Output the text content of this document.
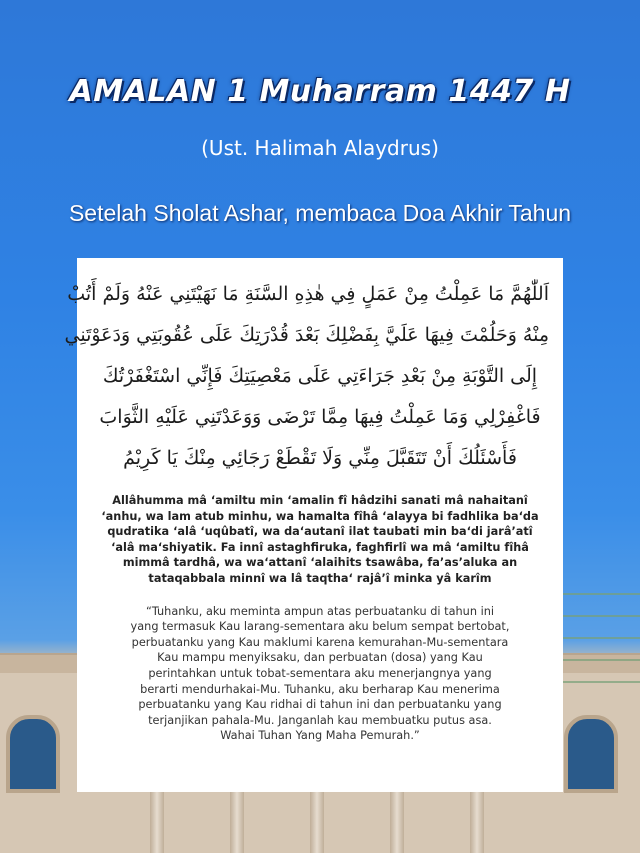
AMALAN 1 Muharram 1447 H
(Ust. Halimah Alaydrus)
Setelah Sholat Ashar, membaca Doa Akhir Tahun
اَللّٰهُمَّ مَا عَمِلْتُ مِنْ عَمَلٍ فِي هٰذِهِ السَّنَةِ مَا نَهَيْتَنِي عَنْهُ وَلَمْ أَتُبْ
مِنْهُ وَحَلُمْتَ فِيهَا عَلَيَّ بِفَضْلِكَ بَعْدَ قُدْرَتِكَ عَلَى عُقُوبَتِي وَدَعَوْتَنِي
إِلَى التَّوْبَةِ مِنْ بَعْدِ جَرَاءَتِي عَلَى مَعْصِيَتِكَ فَإِنِّي اسْتَغْفَرْتُكَ
فَاغْفِرْلِي وَمَا عَمِلْتُ فِيهَا مِمَّا تَرْضَى وَوَعَدْتَنِي عَلَيْهِ الثَّوَابَ
فَأَسْئَلُكَ أَنْ تَتَقَبَّلَ مِنِّي وَلَا تَقْطَعْ رَجَائِي مِنْكَ يَا كَرِيْمُ
Allâhumma mâ ‘amiltu min ‘amalin fî hâdzihi sanati mâ nahaitanî
‘anhu, wa lam atub minhu, wa hamalta fîhâ ‘alayya bi fadhlika ba‘da
qudratika ‘alâ ‘uqûbatî, wa da‘autanî ilat taubati min ba‘di jarâ’atî
‘alâ ma‘shiyatik. Fa innî astaghfiruka, faghfirlî wa mâ ‘amiltu fîhâ
mimmâ tardhâ, wa wa‘attanî ‘alaihits tsawâba, fa’as’aluka an
tataqabbala minnî wa lâ taqtha‘ rajâ’î minka yâ karîm
“Tuhanku, aku meminta ampun atas perbuatanku di tahun ini
yang termasuk Kau larang-sementara aku belum sempat bertobat,
perbuatanku yang Kau maklumi karena kemurahan-Mu-sementara
Kau mampu menyiksaku, dan perbuatan (dosa) yang Kau
perintahkan untuk tobat-sementara aku menerjangnya yang
berarti mendurhakai-Mu. Tuhanku, aku berharap Kau menerima
perbuatanku yang Kau ridhai di tahun ini dan perbuatanku yang
terjanjikan pahala-Mu. Janganlah kau membuatku putus asa.
Wahai Tuhan Yang Maha Pemurah.”
